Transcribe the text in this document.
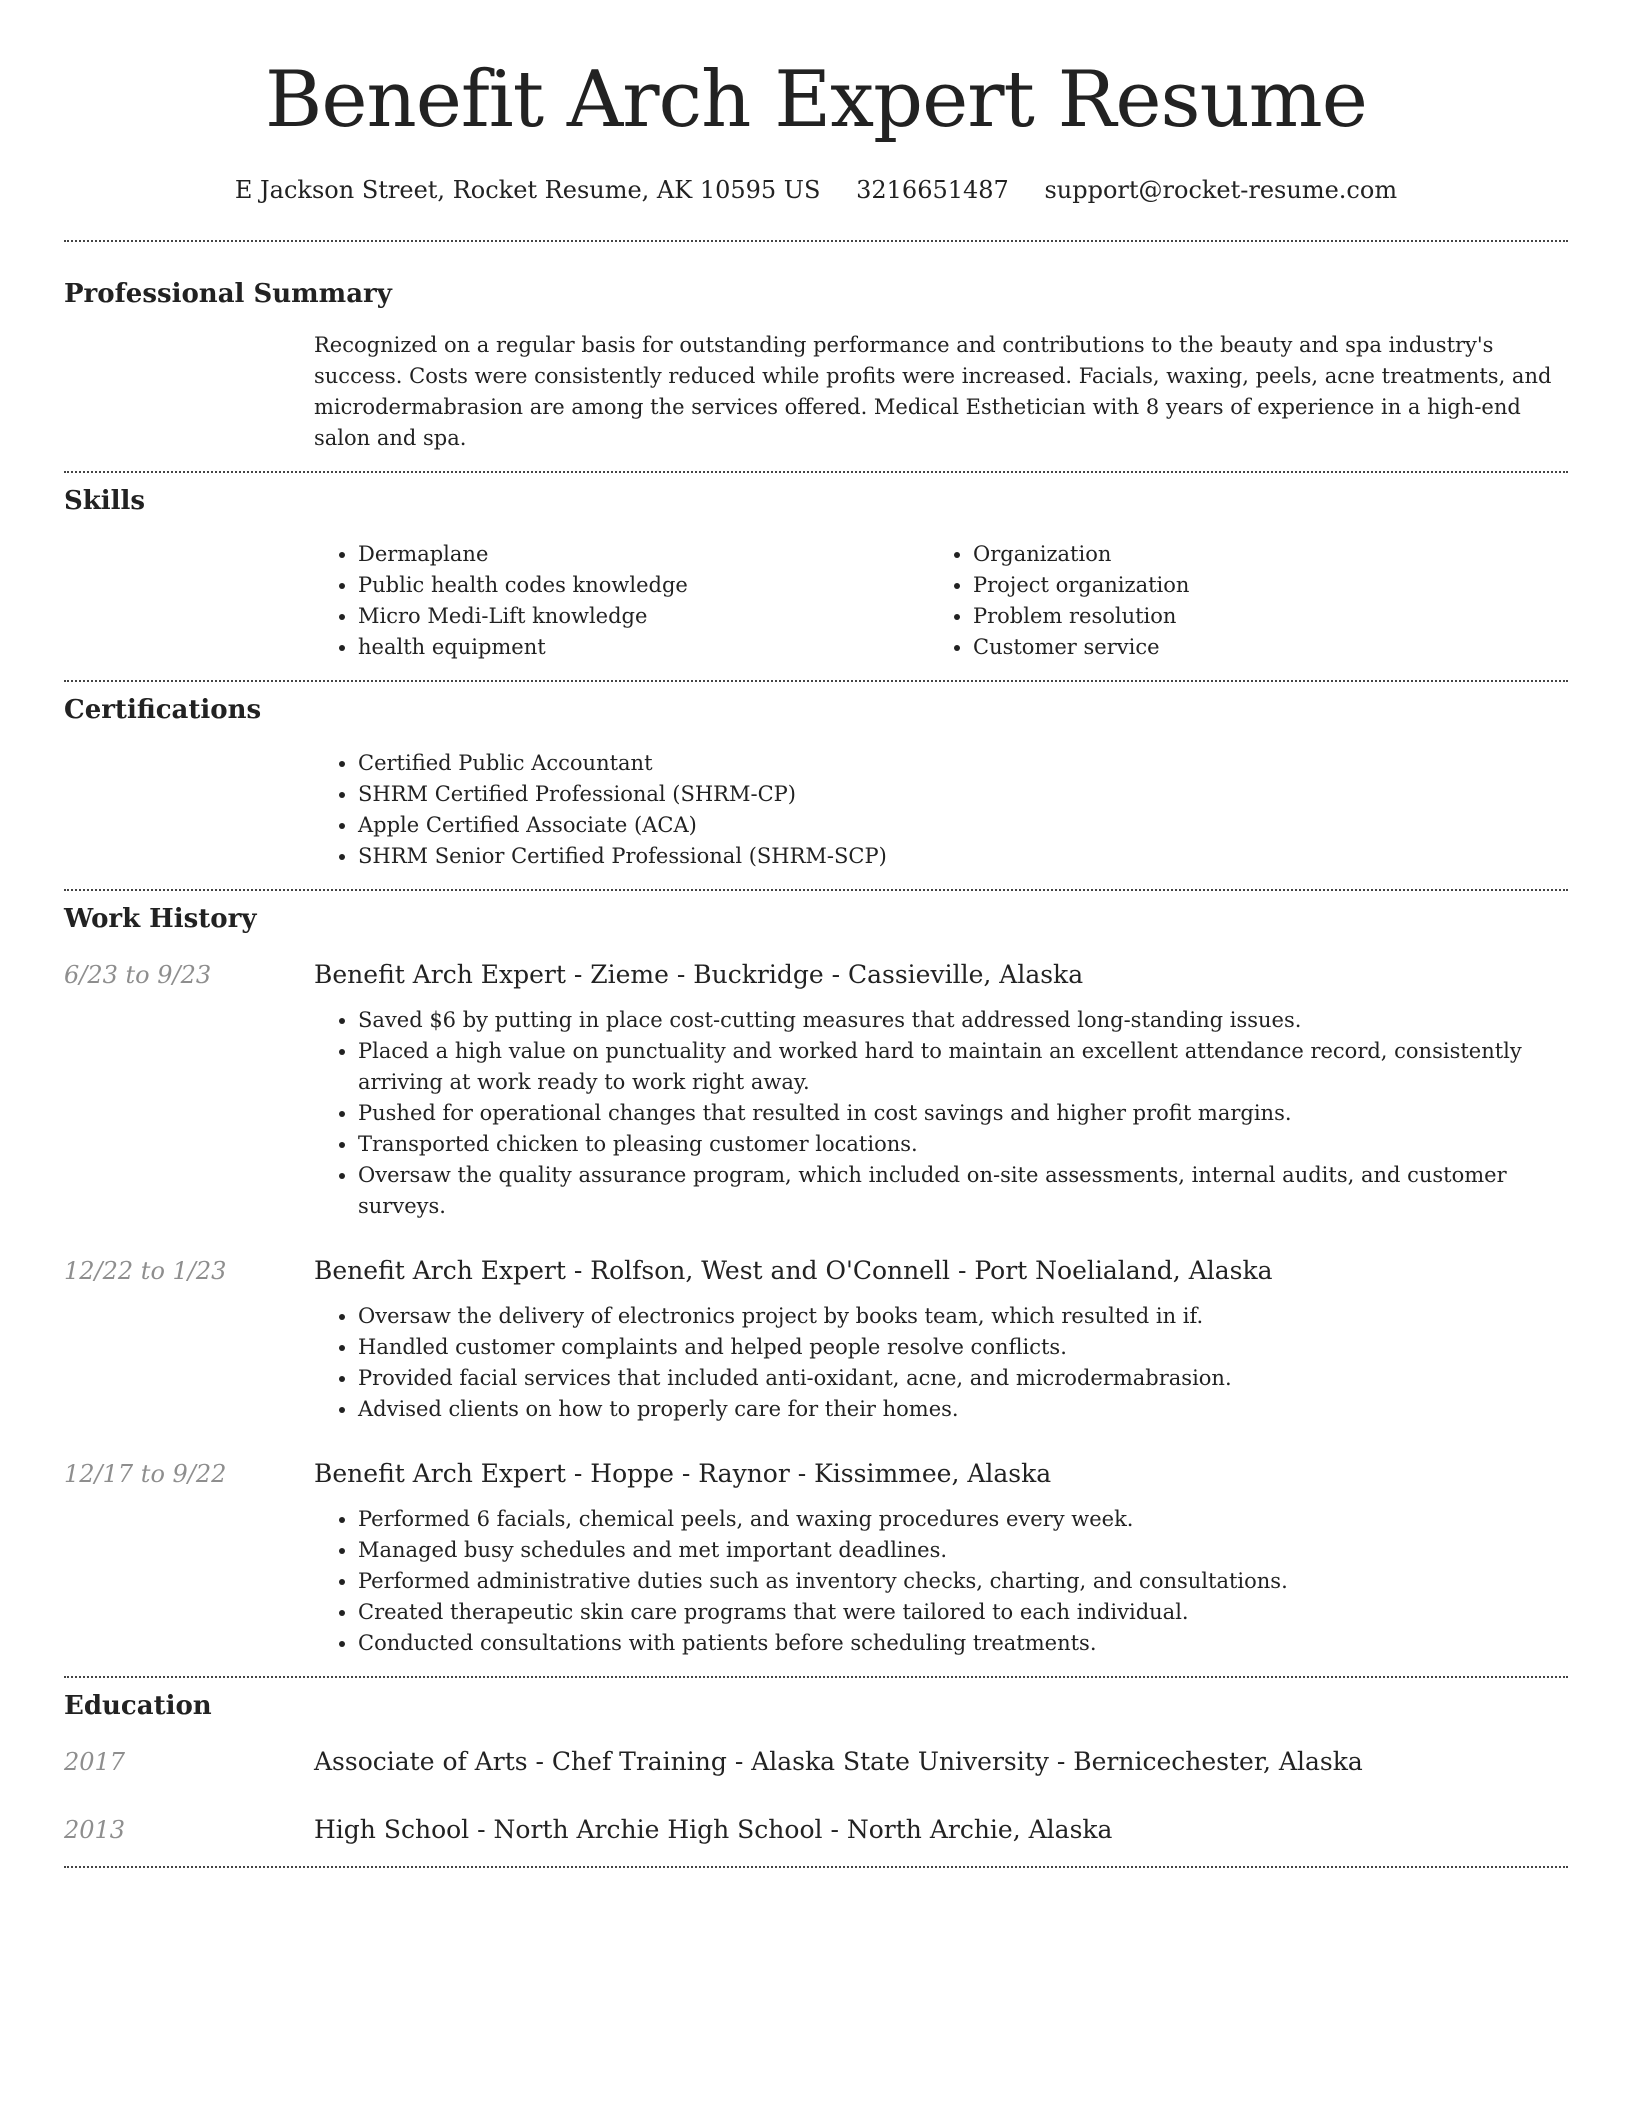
Benefit Arch Expert Resume
E Jackson Street, Rocket Resume, AK 10595 US 3216651487 support@rocket-resume.com
Professional Summary

Recognized on a regular basis for outstanding performance and contributions to the beauty and spa industry's success. Costs were consistently reduced while profits were increased. Facials, waxing, peels, acne treatments, and microdermabrasion are among the services offered. Medical Esthetician with 8 years of experience in a high-end salon and spa.

Skills
• Dermaplane
• Public health codes knowledge
• Micro Medi-Lift knowledge
• health equipment
• Organization
• Project organization
• Problem resolution
• Customer service
Certifications
• Certified Public Accountant
• SHRM Certified Professional (SHRM-CP)
• Apple Certified Associate (ACA)
• SHRM Senior Certified Professional (SHRM-SCP)
Work History
6/23 to 9/23	Benefit Arch Expert - Zieme - Buckridge - Cassieville, Alaska
• Saved $6 by putting in place cost-cutting measures that addressed long-standing issues.
• Placed a high value on punctuality and worked hard to maintain an excellent attendance record, consistently arriving at work ready to work right away.
• Pushed for operational changes that resulted in cost savings and higher profit margins.
• Transported chicken to pleasing customer locations.
• Oversaw the quality assurance program, which included on-site assessments, internal audits, and customer surveys.
12/22 to 1/23	Benefit Arch Expert - Rolfson, West and O'Connell - Port Noelialand, Alaska
• Oversaw the delivery of electronics project by books team, which resulted in if.
• Handled customer complaints and helped people resolve conflicts.
• Provided facial services that included anti-oxidant, acne, and microdermabrasion.
• Advised clients on how to properly care for their homes.
12/17 to 9/22	Benefit Arch Expert - Hoppe - Raynor - Kissimmee, Alaska
• Performed 6 facials, chemical peels, and waxing procedures every week.
• Managed busy schedules and met important deadlines.
• Performed administrative duties such as inventory checks, charting, and consultations.
• Created therapeutic skin care programs that were tailored to each individual.
• Conducted consultations with patients before scheduling treatments.
Education
2017	Associate of Arts - Chef Training - Alaska State University - Bernicechester, Alaska
2013	High School - North Archie High School - North Archie, Alaska
